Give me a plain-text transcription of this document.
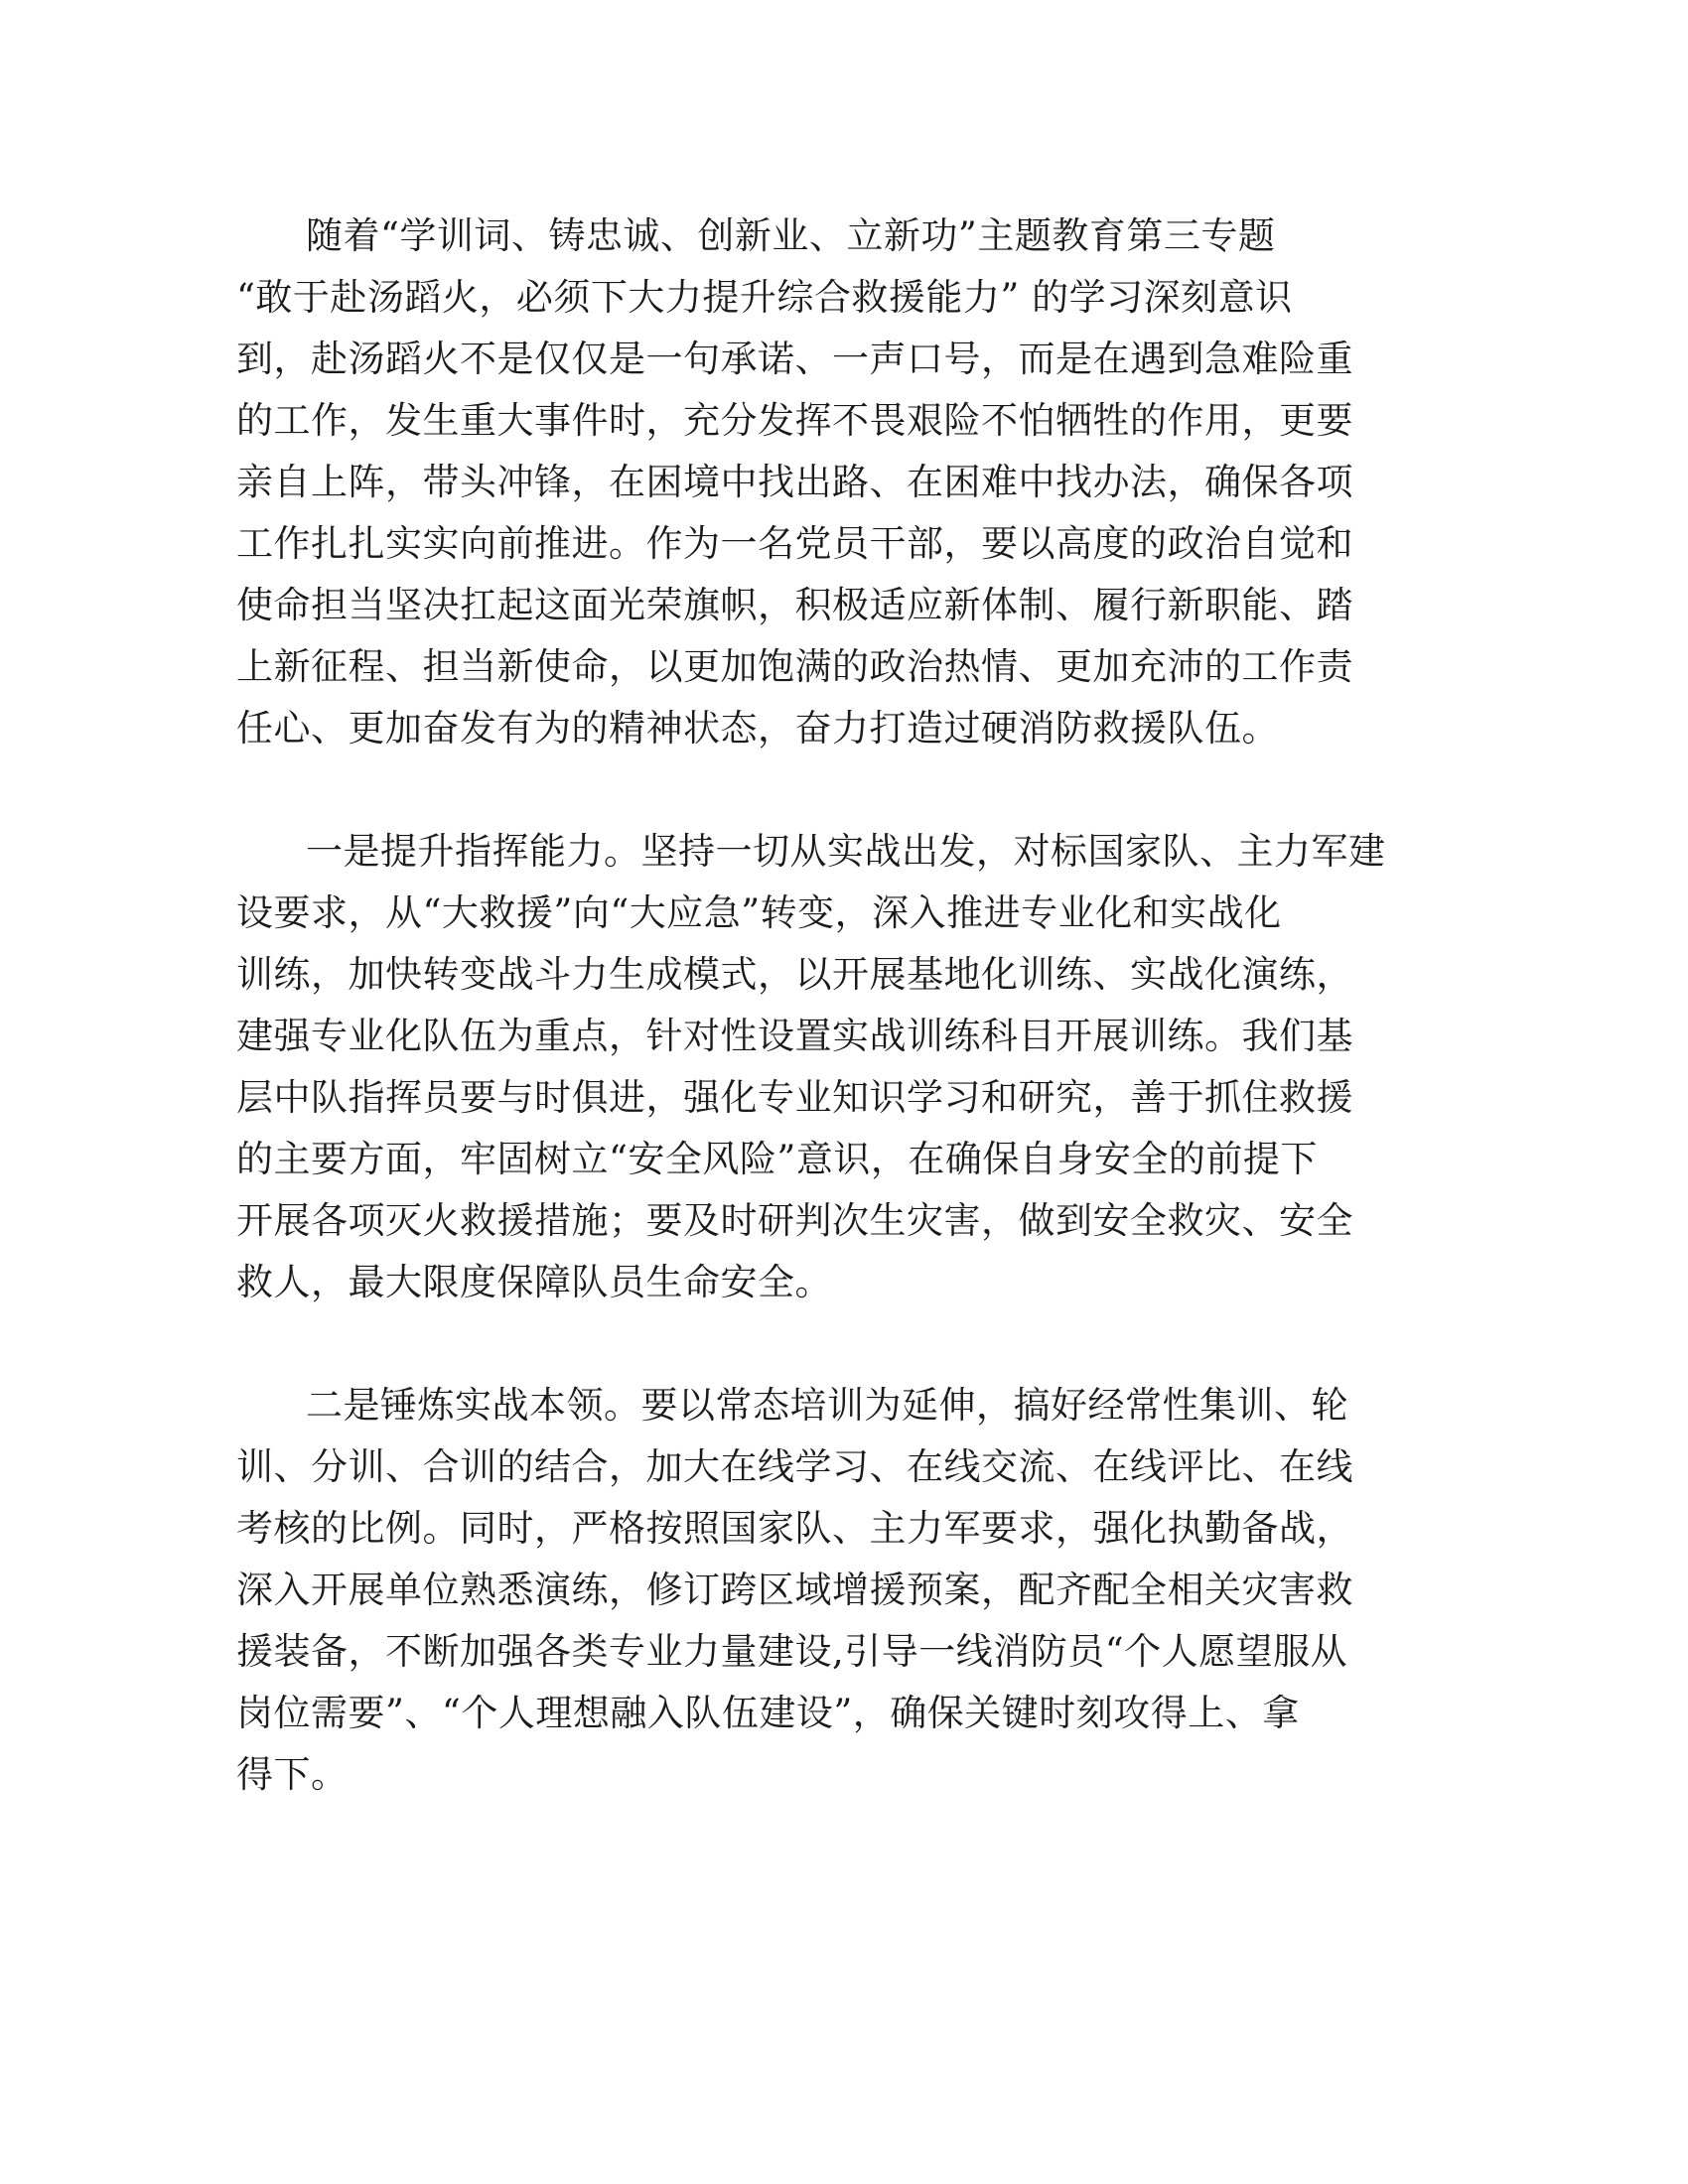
随着“学训词、铸忠诚、创新业、立新功”主题教育第三专题
“敢于赴汤蹈火，必须下大力提升综合救援能力” 的学习深刻意识
到，赴汤蹈火不是仅仅是一句承诺、一声口号，而是在遇到急难险重
的工作，发生重大事件时，充分发挥不畏艰险不怕牺牲的作用，更要
亲自上阵，带头冲锋，在困境中找出路、在困难中找办法，确保各项
工作扎扎实实向前推进。作为一名党员干部，要以高度的政治自觉和
使命担当坚决扛起这面光荣旗帜，积极适应新体制、履行新职能、踏
上新征程、担当新使命，以更加饱满的政治热情、更加充沛的工作责
任心、更加奋发有为的精神状态，奋力打造过硬消防救援队伍。
一是提升指挥能力。坚持一切从实战出发，对标国家队、主力军建
设要求，从“大救援”向“大应急”转变，深入推进专业化和实战化
训练，加快转变战斗力生成模式，以开展基地化训练、实战化演练，
建强专业化队伍为重点，针对性设置实战训练科目开展训练。我们基
层中队指挥员要与时俱进，强化专业知识学习和研究，善于抓住救援
的主要方面，牢固树立“安全风险”意识，在确保自身安全的前提下
开展各项灭火救援措施；要及时研判次生灾害，做到安全救灾、安全
救人，最大限度保障队员生命安全。
二是锤炼实战本领。要以常态培训为延伸，搞好经常性集训、轮
训、分训、合训的结合，加大在线学习、在线交流、在线评比、在线
考核的比例。同时，严格按照国家队、主力军要求，强化执勤备战，
深入开展单位熟悉演练，修订跨区域增援预案，配齐配全相关灾害救
援装备，不断加强各类专业力量建设,引导一线消防员“个人愿望服从
岗位需要”、“个人理想融入队伍建设”，确保关键时刻攻得上、拿
得下。
